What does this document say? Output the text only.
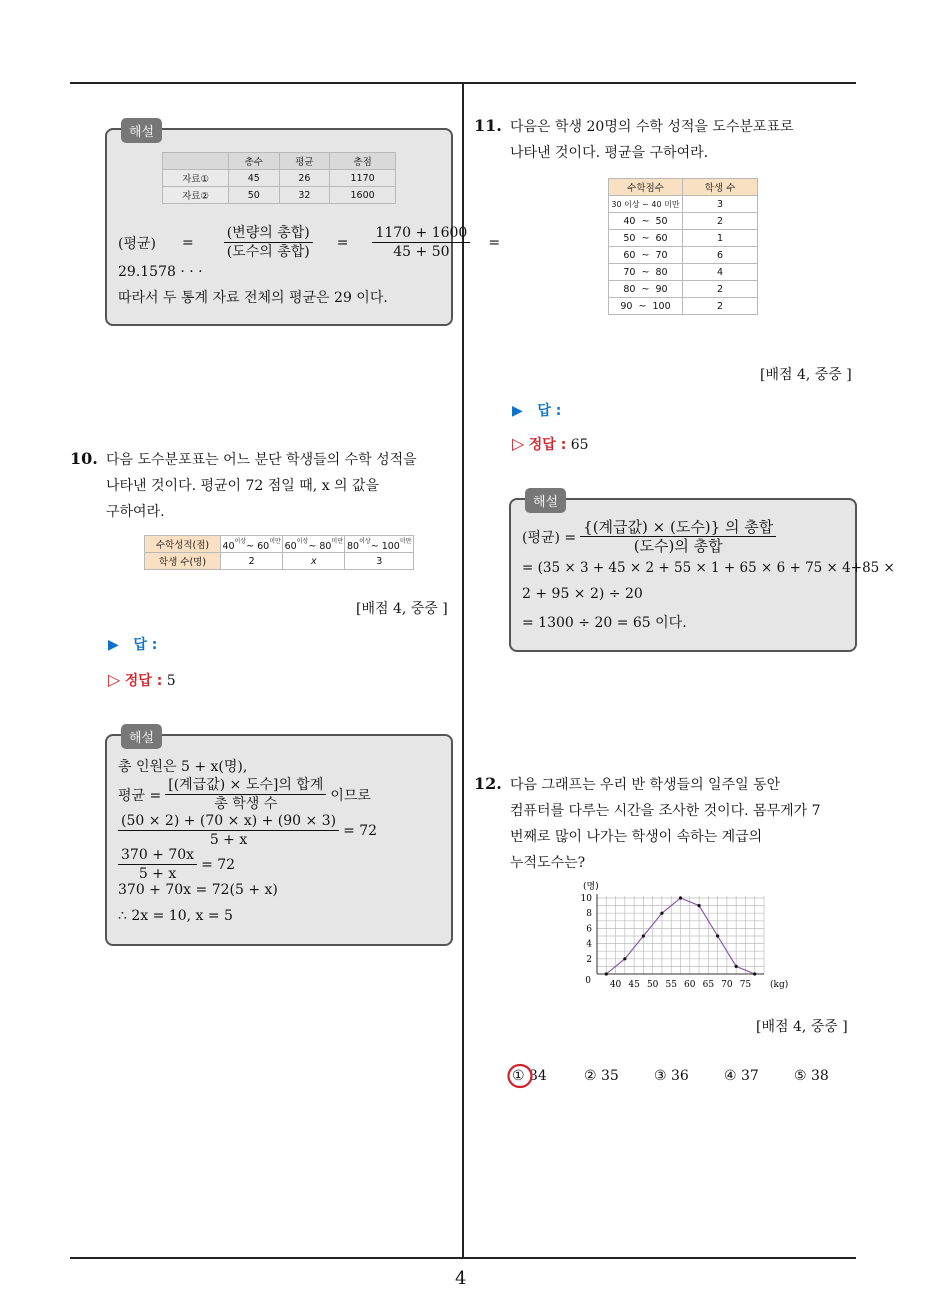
4
해설
	총수	평균	총점
자료①	45	26	1170
자료②	50	32	1600
(평균) = $\frac{\text{(변량의 총합)}}{\text{(도수의 총합)}} = \frac{1170 + 1600}{45 + 50}$ =
29.1578 · · ·
따라서 두 통계 자료 전체의 평균은 29 이다.
10. 다음 도수분포표는 어느 분단 학생들의 수학 성적을
나타낸 것이다. 평균이 72 점일 때, x 의 값을
구하여라.
수학성적(점)	$40^{이상}\sim$ $60^{미만}$	$60^{이상}\sim$ $80^{미만}$	$80^{이상}\sim$ $100^{미만}$
학생 수(명)	2	x	3
[배점 4, 중중 ]
▶ 답 :
▷ 정답 : 5
해설
총 인원은 5 + x(명),
평균 = $\frac{\text{[(계급값) × 도수]의 합계}}{\text{총 학생 수}}$ 이므로
$\frac{(50 \times 2) + (70 \times x) + (90 \times 3)}{5 + x} = 72$
$\frac{370 + 70x}{5 + x} = 72$
370 + 70x = 72(5 + x)
∴ 2x = 10, x = 5
11. 다음은 학생 20명의 수학 성적을 도수분포표로
나타낸 것이다. 평균을 구하여라.
수학점수	학생 수
30 이상 ~ 40 미만	3
40  ~  50	2
50  ~  60	1
60  ~  70	6
70  ~  80	4
80  ~  90	2
90  ~  100	2
[배점 4, 중중 ]
▶ 답 :
▷ 정답 : 65
해설
(평균) = $\frac{\text{\{(계급값) × (도수)\} 의 총합}}{\text{(도수)의 총합}}$
= (35 × 3 + 45 × 2 + 55 × 1 + 65 × 6 + 75 × 4+85 ×
2 + 95 × 2) ÷ 20
= 1300 ÷ 20 = 65 이다.
12. 다음 그래프는 우리 반 학생들의 일주일 동안
컴퓨터를 다루는 시간을 조사한 것이다. 몸무게가 7
번째로 많이 나가는 학생이 속하는 계급의
누적도수는?
2
4
6
8
10
40 45 50 55 60 65 70 75
0
(명)
(kg)
[배점 4, 중중 ]
① 34	② 35	③ 36	④ 37	⑤ 38
